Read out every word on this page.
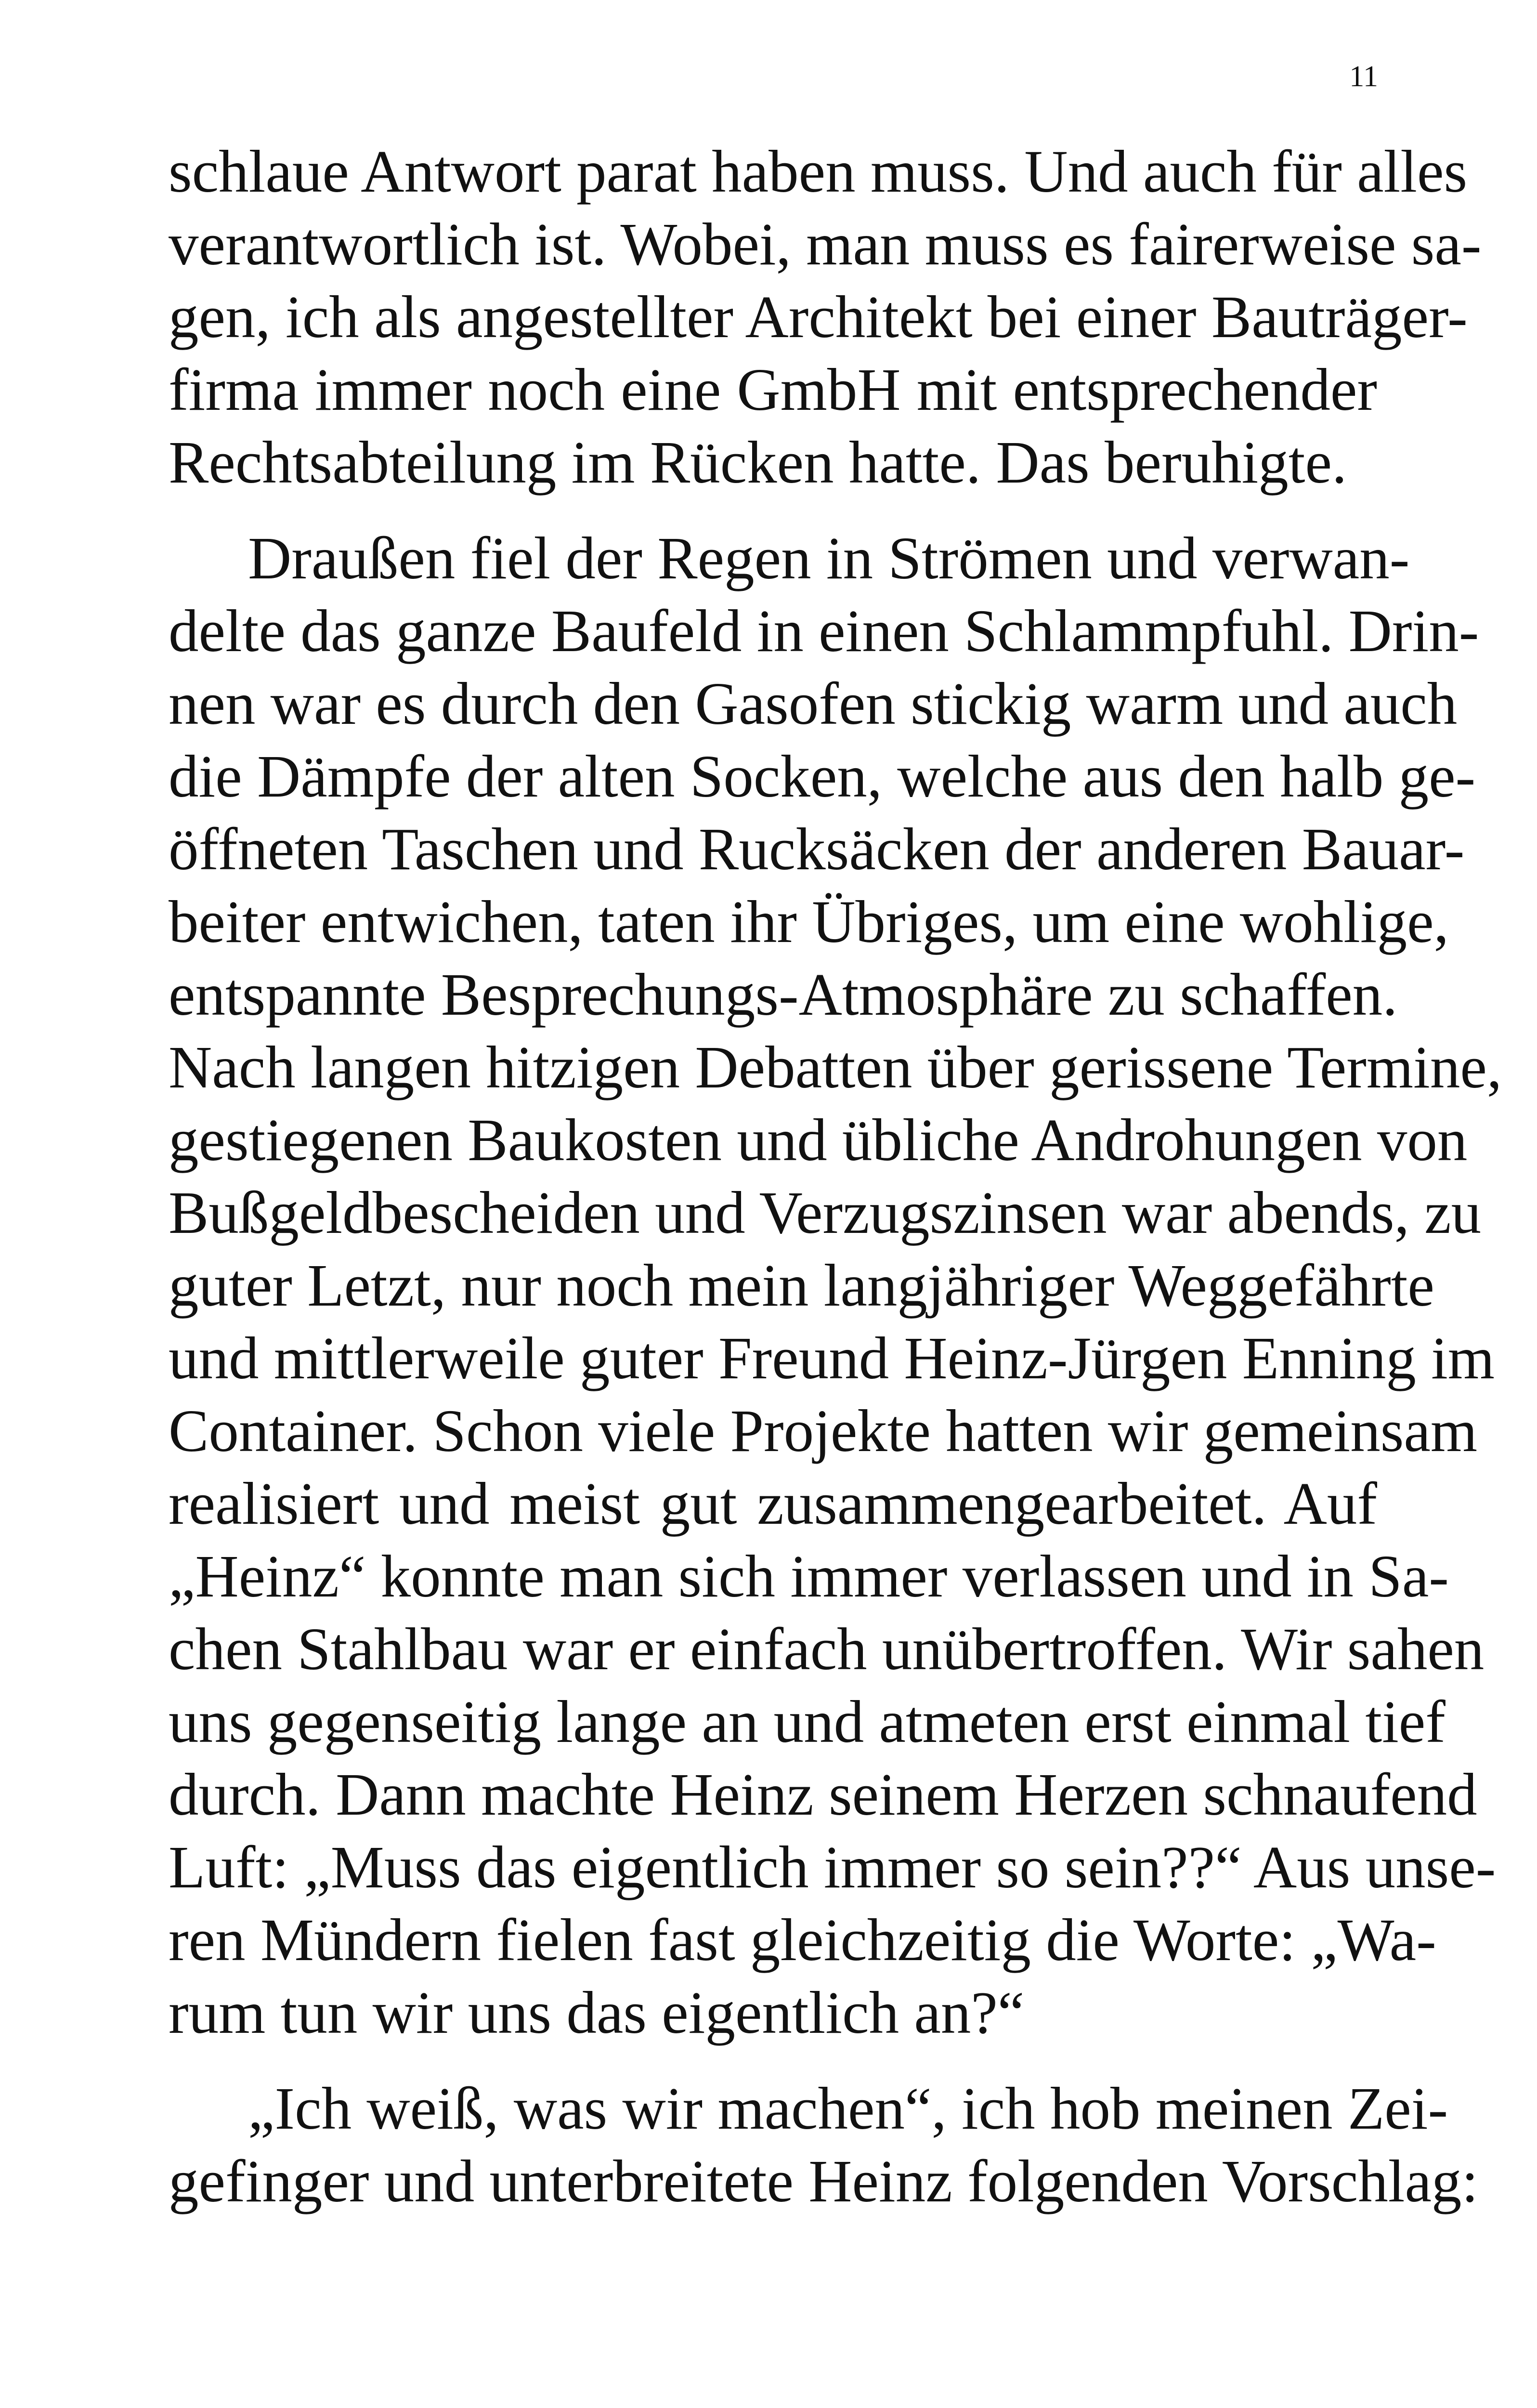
11

schlaue Antwort parat haben muss. Und auch für alles
verantwortlich ist. Wobei, man muss es fairerweise sa-
gen, ich als angestellter Architekt bei einer Bauträger-
firma immer noch eine GmbH mit entsprechender
Rechtsabteilung im Rücken hatte. Das beruhigte.

Draußen fiel der Regen in Strömen und verwan-
delte das ganze Baufeld in einen Schlammpfuhl. Drin-
nen war es durch den Gasofen stickig warm und auch
die Dämpfe der alten Socken, welche aus den halb ge-
öffneten Taschen und Rucksäcken der anderen Bauar-
beiter entwichen, taten ihr Übriges, um eine wohlige,
entspannte Besprechungs-Atmosphäre zu schaffen.
Nach langen hitzigen Debatten über gerissene Termine,
gestiegenen Baukosten und übliche Androhungen von
Bußgeldbescheiden und Verzugszinsen war abends, zu
guter Letzt, nur noch mein langjähriger Weggefährte
und mittlerweile guter Freund Heinz-Jürgen Enning im
Container. Schon viele Projekte hatten wir gemeinsam
realisiert und meist gut zusammengearbeitet. Auf
„Heinz“ konnte man sich immer verlassen und in Sa-
chen Stahlbau war er einfach unübertroffen. Wir sahen
uns gegenseitig lange an und atmeten erst einmal tief
durch. Dann machte Heinz seinem Herzen schnaufend
Luft: „Muss das eigentlich immer so sein??“ Aus unse-
ren Mündern fielen fast gleichzeitig die Worte: „Wa-
rum tun wir uns das eigentlich an?“

„Ich weiß, was wir machen“, ich hob meinen Zei-
gefinger und unterbreitete Heinz folgenden Vorschlag:
